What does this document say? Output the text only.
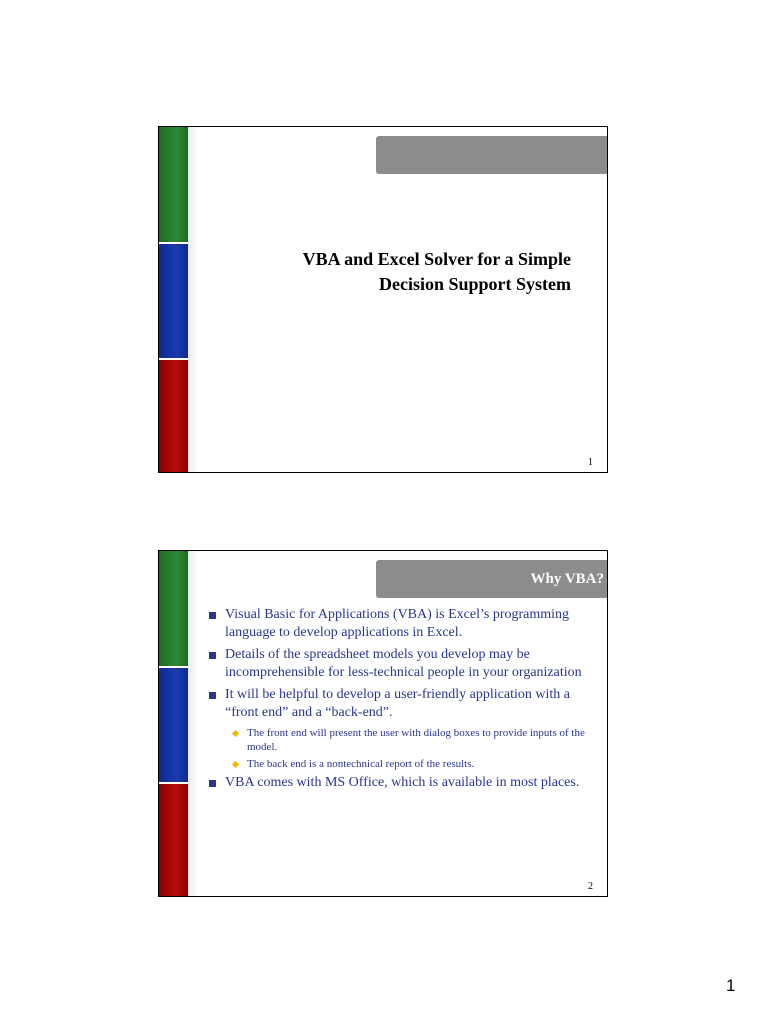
VBA and Excel Solver for a Simple
Decision Support System
1
Why VBA?
Visual Basic for Applications (VBA) is Excel’s programming language to develop applications in Excel.
Details of the spreadsheet models you develop may be incomprehensible for less-technical people in your organization
It will be helpful to develop a user-friendly application with a “front end” and a “back-end”.
The front end will present the user with dialog boxes to provide inputs of the model.
The back end is a nontechnical report of the results.
VBA comes with MS Office, which is available in most places.
2
1
